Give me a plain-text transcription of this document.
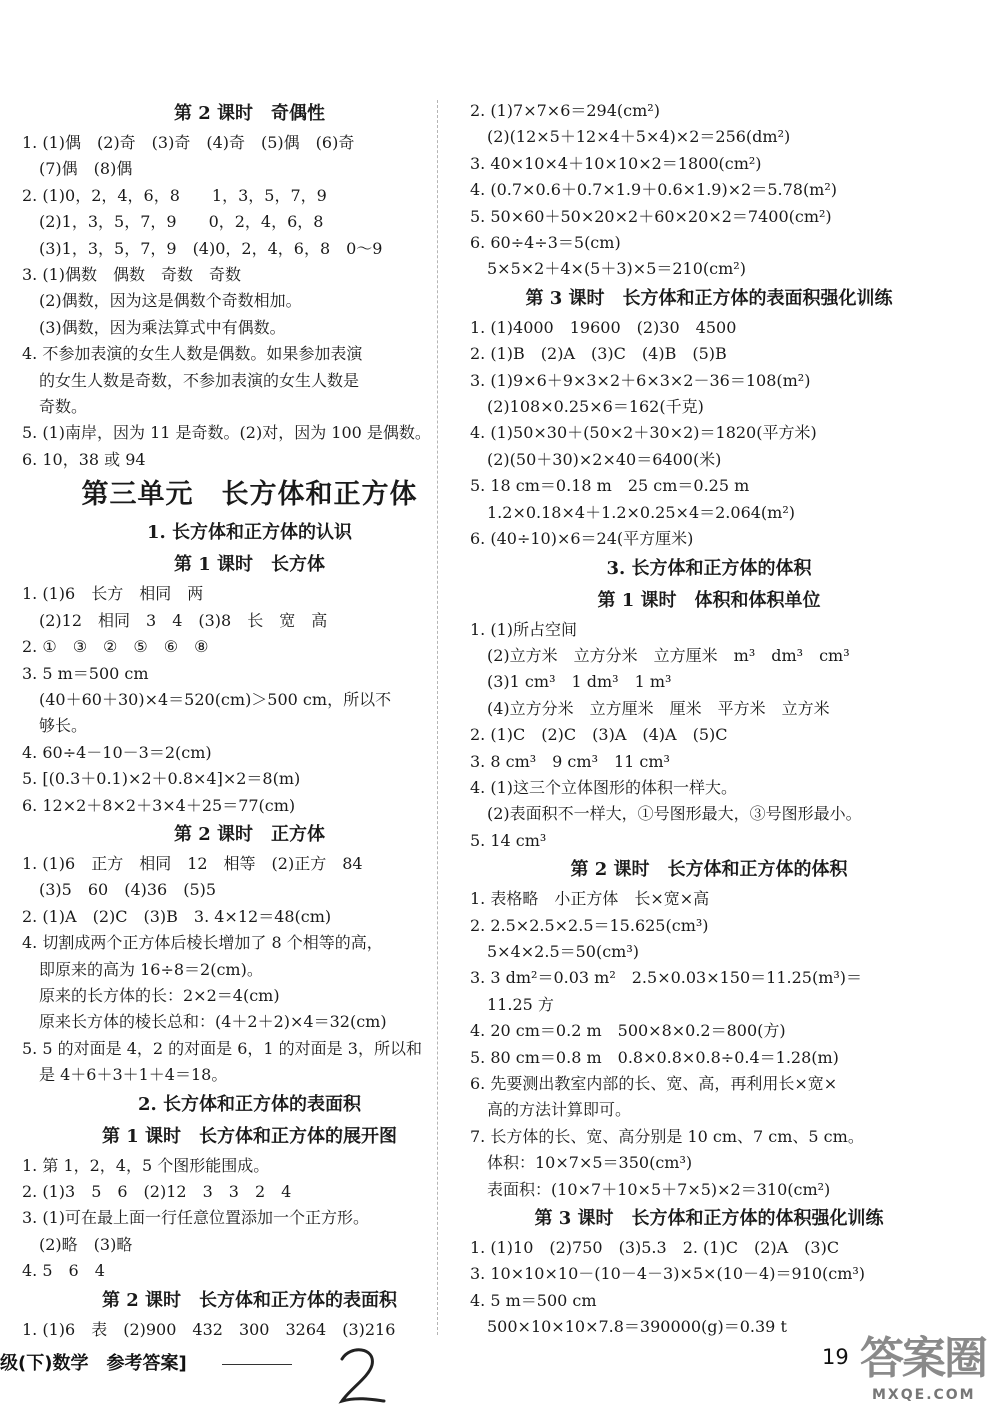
第 2 课时　奇偶性
1. (1)偶　(2)奇　(3)奇　(4)奇　(5)偶　(6)奇
(7)偶　(8)偶
2. (1)0，2，4，6，8　　1，3，5，7，9
(2)1，3，5，7，9　　0，2，4，6，8
(3)1，3，5，7，9　(4)0，2，4，6，8　0～9
3. (1)偶数　偶数　奇数　奇数
(2)偶数，因为这是偶数个奇数相加。
(3)偶数，因为乘法算式中有偶数。
4. 不参加表演的女生人数是偶数。如果参加表演
的女生人数是奇数，不参加表演的女生人数是
奇数。
5. (1)南岸，因为 11 是奇数。(2)对，因为 100 是偶数。
6. 10，38 或 94
第三单元　长方体和正方体
1. 长方体和正方体的认识
第 1 课时　长方体
1. (1)6　长方　相同　两
(2)12　相同　3　4　(3)8　长　宽　高
2. ①　③　②　⑤　⑥　⑧
3. 5 m＝500 cm
(40＋60＋30)×4＝520(cm)＞500 cm，所以不
够长。
4. 60÷4－10－3＝2(cm)
5. [(0.3＋0.1)×2＋0.8×4]×2＝8(m)
6. 12×2＋8×2＋3×4＋25＝77(cm)
第 2 课时　正方体
1. (1)6　正方　相同　12　相等　(2)正方　84
(3)5　60　(4)36　(5)5
2. (1)A　(2)C　(3)B　3. 4×12＝48(cm)
4. 切割成两个正方体后棱长增加了 8 个相等的高，
即原来的高为 16÷8＝2(cm)。
原来的长方体的长：2×2＝4(cm)
原来长方体的棱长总和：(4＋2＋2)×4＝32(cm)
5. 5 的对面是 4，2 的对面是 6，1 的对面是 3，所以和
是 4＋6＋3＋1＋4＝18。
2. 长方体和正方体的表面积
第 1 课时　长方体和正方体的展开图
1. 第 1，2，4，5 个图形能围成。
2. (1)3　5　6　(2)12　3　3　2　4
3. (1)可在最上面一行任意位置添加一个正方形。
(2)略　(3)略
4. 5　6　4
第 2 课时　长方体和正方体的表面积
1. (1)6　表　(2)900　432　300　3264　(3)216
2. (1)7×7×6＝294(cm²)
(2)(12×5＋12×4＋5×4)×2＝256(dm²)
3. 40×10×4＋10×10×2＝1800(cm²)
4. (0.7×0.6＋0.7×1.9＋0.6×1.9)×2＝5.78(m²)
5. 50×60＋50×20×2＋60×20×2＝7400(cm²)
6. 60÷4÷3＝5(cm)
5×5×2＋4×(5＋3)×5＝210(cm²)
第 3 课时　长方体和正方体的表面积强化训练
1. (1)4000　19600　(2)30　4500
2. (1)B　(2)A　(3)C　(4)B　(5)B
3. (1)9×6＋9×3×2＋6×3×2－36＝108(m²)
(2)108×0.25×6＝162(千克)
4. (1)50×30＋(50×2＋30×2)＝1820(平方米)
(2)(50＋30)×2×40＝6400(米)
5. 18 cm＝0.18 m　25 cm＝0.25 m
1.2×0.18×4＋1.2×0.25×4＝2.064(m²)
6. (40÷10)×6＝24(平方厘米)
3. 长方体和正方体的体积
第 1 课时　体积和体积单位
1. (1)所占空间
(2)立方米　立方分米　立方厘米　m³　dm³　cm³
(3)1 cm³　1 dm³　1 m³
(4)立方分米　立方厘米　厘米　平方米　立方米
2. (1)C　(2)C　(3)A　(4)A　(5)C
3. 8 cm³　9 cm³　11 cm³
4. (1)这三个立体图形的体积一样大。
(2)表面积不一样大，①号图形最大，③号图形最小。
5. 14 cm³
第 2 课时　长方体和正方体的体积
1. 表格略　小正方体　长×宽×高
2. 2.5×2.5×2.5＝15.625(cm³)
5×4×2.5＝50(cm³)
3. 3 dm²＝0.03 m²　2.5×0.03×150＝11.25(m³)＝
11.25 方
4. 20 cm＝0.2 m　500×8×0.2＝800(方)
5. 80 cm＝0.8 m　0.8×0.8×0.8÷0.4＝1.28(m)
6. 先要测出教室内部的长、宽、高，再利用长×宽×
高的方法计算即可。
7. 长方体的长、宽、高分别是 10 cm、7 cm、5 cm。
体积：10×7×5＝350(cm³)
表面积：(10×7＋10×5＋7×5)×2＝310(cm²)
第 3 课时　长方体和正方体的体积强化训练
1. (1)10　(2)750　(3)5.3　2. (1)C　(2)A　(3)C
3. 10×10×10－(10－4－3)×5×(10－4)＝910(cm³)
4. 5 m＝500 cm
500×10×10×7.8＝390000(g)＝0.39 t
级(下)数学　参考答案]	19 答案圈
MXQE.COM
